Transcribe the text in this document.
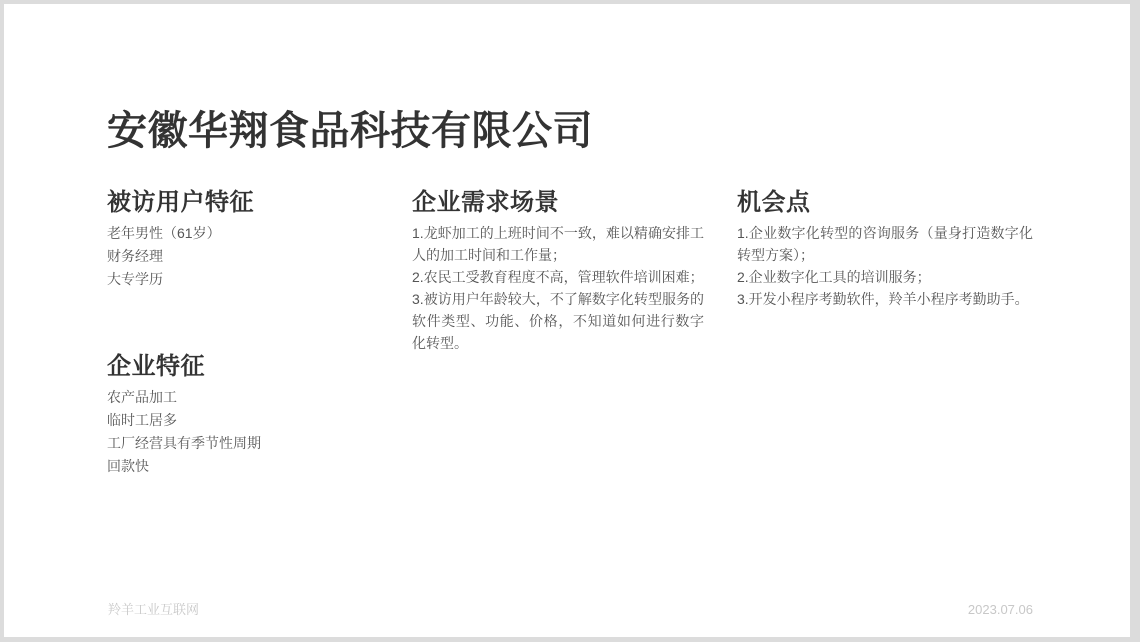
安徽华翔食品科技有限公司
被访用户特征
老年男性（61岁）
财务经理
大专学历
企业需求场景

1.龙虾加工的上班时间不一致，难以精确安排工人的加工时间和工作量；

2.农民工受教育程度不高，管理软件培训困难；

3.被访用户年龄较大，不了解数字化转型服务的软件类型、功能、价格，不知道如何进行数字化转型。

机会点

1.企业数字化转型的咨询服务（量身打造数字化转型方案）；

2.企业数字化工具的培训服务；

3.开发小程序考勤软件，羚羊小程序考勤助手。

企业特征
农产品加工
临时工居多
工厂经营具有季节性周期
回款快
羚羊工业互联网	2023.07.06
